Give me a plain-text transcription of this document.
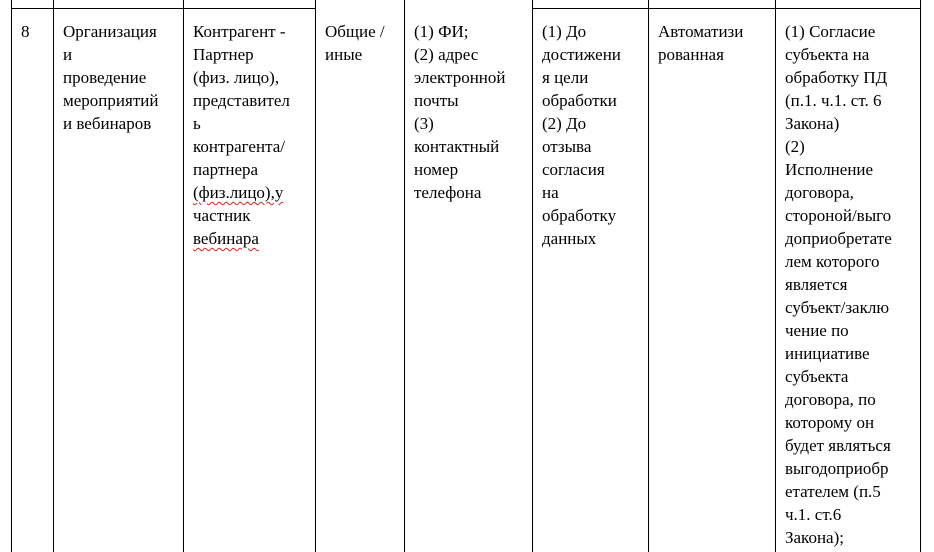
8	Организация
и
проведение
мероприятий
и вебинаров
Контрагент -
Партнер
(физ. лицо),
представител
ь
контрагента/
партнера
(физ.лицо),у
частник
вебинара
Общие /
иные
(1) ФИ;
(2) адрес
электронной
почты
(3)
контактный
номер
телефона
(1) До
достижени
я цели
обработки
(2) До
отзыва
согласия
на
обработку
данных
Автоматизи
рованная
(1) Согласие
субъекта на
обработку ПД
(п.1. ч.1. ст. 6
Закона)
(2)
Исполнение
договора,
стороной/выго
доприобретате
лем которого
является
субъект/заклю
чение по
инициативе
субъекта
договора, по
которому он
будет являться
выгодоприобр
етателем (п.5
ч.1. ст.6
Закона);
